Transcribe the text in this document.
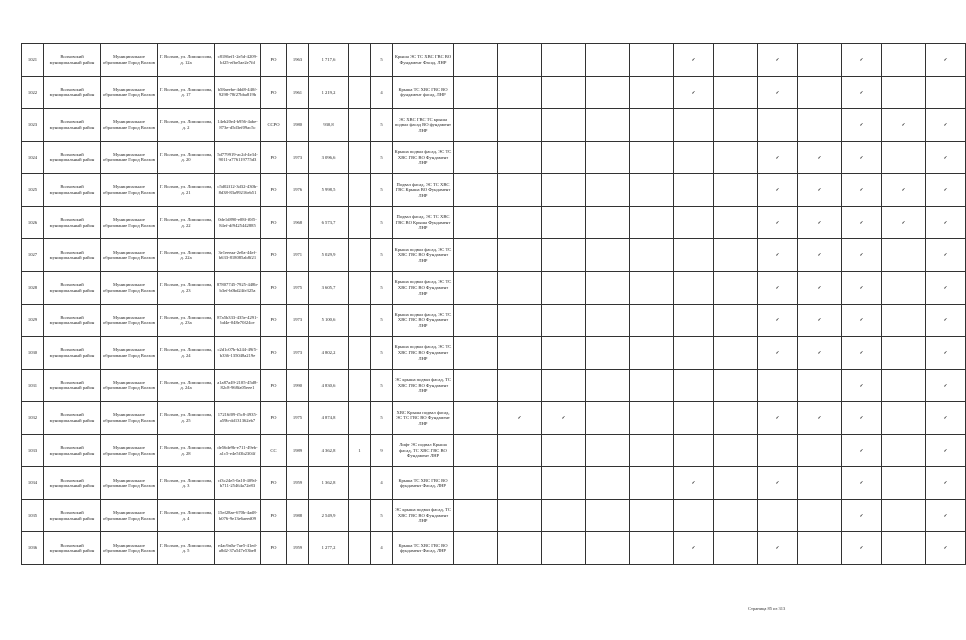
1021	Волховский муниципальный район	Муниципальное образование Город Волхов	Г. Волхов, ул. Ломоносова, д. 12а	c8186ef1-2e5d-4209-bf25-efbe5ae2e7fd	РО	1963	1 717,6		5	Крыша ЭС ТС ХВС ГВС ВО Фундамент Фасад, ЛНР						✓		✓		✓		✓
1022	Волховский муниципальный район	Муниципальное образование Город Волхов	Г. Волхов, ул. Ломоносова, д. 17	b58aeebe-4dd8-440f-9298-78f27bba819b	РО	1961	1 219,2		4	Крыша ТС ХВС ГВС ВО фундамент фасад, ЛНР						✓		✓		✓		
1023	Волховский муниципальный район	Муниципальное образование Город Волхов	Г. Волхов, ул. Ломоносова, д. 2	14eb20e4-b956-4abe-873e-d5d3ef09ac5c	ССРО	1980	930,8		5	ЭС ХВС ГВС ТС крыша подвал фасад ВО фундамент ЛНР										✓	✓	✓
1024	Волховский муниципальный район	Муниципальное образование Город Волхов	Г. Волхов, ул. Ломоносова, д. 20	5d779919-ac2d-4e34-9011-a776119775d3	РО	1973	3 096,6		5	Крыша подвал фасад, ЭС ТС ХВС ГВС ВО Фундамент ЛНР								✓	✓	✓		✓
1025	Волховский муниципальный район	Муниципальное образование Город Волхов	Г. Волхов, ул. Ломоносова, д. 21	c5d02f12-3d32-430b-8d38-83a99216eb51	РО	1976	5 998,5		5	Подвал фасад, ЭС ТС ХВС ГВС Крыша ВО Фундамент ЛНР								✓	✓	✓	✓	✓
1026	Волховский муниципальный район	Муниципальное образование Город Волхов	Г. Волхов, ул. Ломоносова, д. 22	0de1d890-e08f-f0f5-84ef-df9425442885	РО	1968	6 573,7		5	Подвал фасад, ЭС ТС ХВС ГВС ВО Крыша Фундамент ЛНР								✓	✓	✓	✓	✓
1027	Волховский муниципальный район	Муниципальное образование Город Волхов	Г. Волхов, ул. Ломоносова, д. 22а	3e1eeeaa-2e0a-44ef-b633-818085ab8f21	РО	1971	5 029,9		5	Крыша подвал фасад, ЭС ТС ХВС ГВС ВО Фундамент ЛНР								✓	✓	✓		✓
1028	Волховский муниципальный район	Муниципальное образование Город Волхов	Г. Волхов, ул. Ломоносова, д. 23	87807745-7925-448b-b3ef-b0bd24fe325a	РО	1975	3 605,7		5	Крыша подвал фасад, ЭС ТС ХВС ГВС ВО Фундамент ЛНР								✓	✓	✓		✓
1029	Волховский муниципальный район	Муниципальное образование Город Волхов	Г. Волхов, ул. Ломоносова, д. 23а	87a5b333-435e-4291-bd4e-048e70f24ce	РО	1973	5 100,6		5	Крыша подвал фасад, ЭС ТС ХВС ГВС ВО Фундамент ЛНР								✓	✓	✓		✓
1030	Волховский муниципальный район	Муниципальное образование Город Волхов	Г. Волхов, ул. Ломоносова, д. 24	c2d1c07b-b244-49f5-b336-135048a219e	РО	1973	4 802,2		5	Крыша подвал фасад, ЭС ТС ХВС ГВС ВО Фундамент ЛНР								✓	✓	✓		✓
1031	Волховский муниципальный район	Муниципальное образование Город Волхов	Г. Волхов, ул. Ломоносова, д. 24а	a1a87a49-2105-45d8-82c8-968fa05eee1	РО	1990	4 830,6		5	ЭС крыша подвал фасад, ТС ХВС ГВС ВО Фундамент ЛНР										✓		✓
1032	Волховский муниципальный район	Муниципальное образование Город Волхов	Г. Волхов, ул. Ломоносова, д. 25	17216f09-f5c8-4935-a59b-dd131362eb7	РО	1975	4 874,8		5	ХВС Крыша подвал фасад, ЭС ТС ГВС ВО Фундамент ЛНР		✓	✓					✓	✓	✓		✓
1033	Волховский муниципальный район	Муниципальное образование Город Волхов	Г. Волхов, ул. Ломоносова, д. 28	de56de9b-e711-49eb-a1c5-e4e5f3b2304f	СС	1989	4 362,8	1	9	Лифт ЭС подвал Крыша фасад, ТС ХВС ГВС ВО Фундамент ЛНР										✓		✓
1034	Волховский муниципальный район	Муниципальное образование Город Волхов	Г. Волхов, ул. Ломоносова, д. 3	cf3c24e5-0a10-409d-b711-25464a72e83	РО	1959	1 362,8		4	Крыша ТС ХВС ГВС ВО фундамент Фасад, ЛНР						✓		✓		✓		✓
1035	Волховский муниципальный район	Муниципальное образование Город Волхов	Г. Волхов, ул. Ломоносова, д. 4	15ef28ae-670b-4ad8-b076-9e13e6aeed09	РО	1988	2 549,9		5	ЭС крыша подвал фасад, ТС ХВС ГВС ВО Фундамент ЛНР										✓		✓
1036	Волховский муниципальный район	Муниципальное образование Город Волхов	Г. Волхов, ул. Ломоносова, д. 5	e4ac9a0a-7ae5-41ed-a8d2-37a547e53be8	РО	1959	1 277,2		4	Крыша ТС ХВС ГВС ВО фундамент Фасад, ЛНР						✓		✓		✓		✓
Страница 85 из 313
